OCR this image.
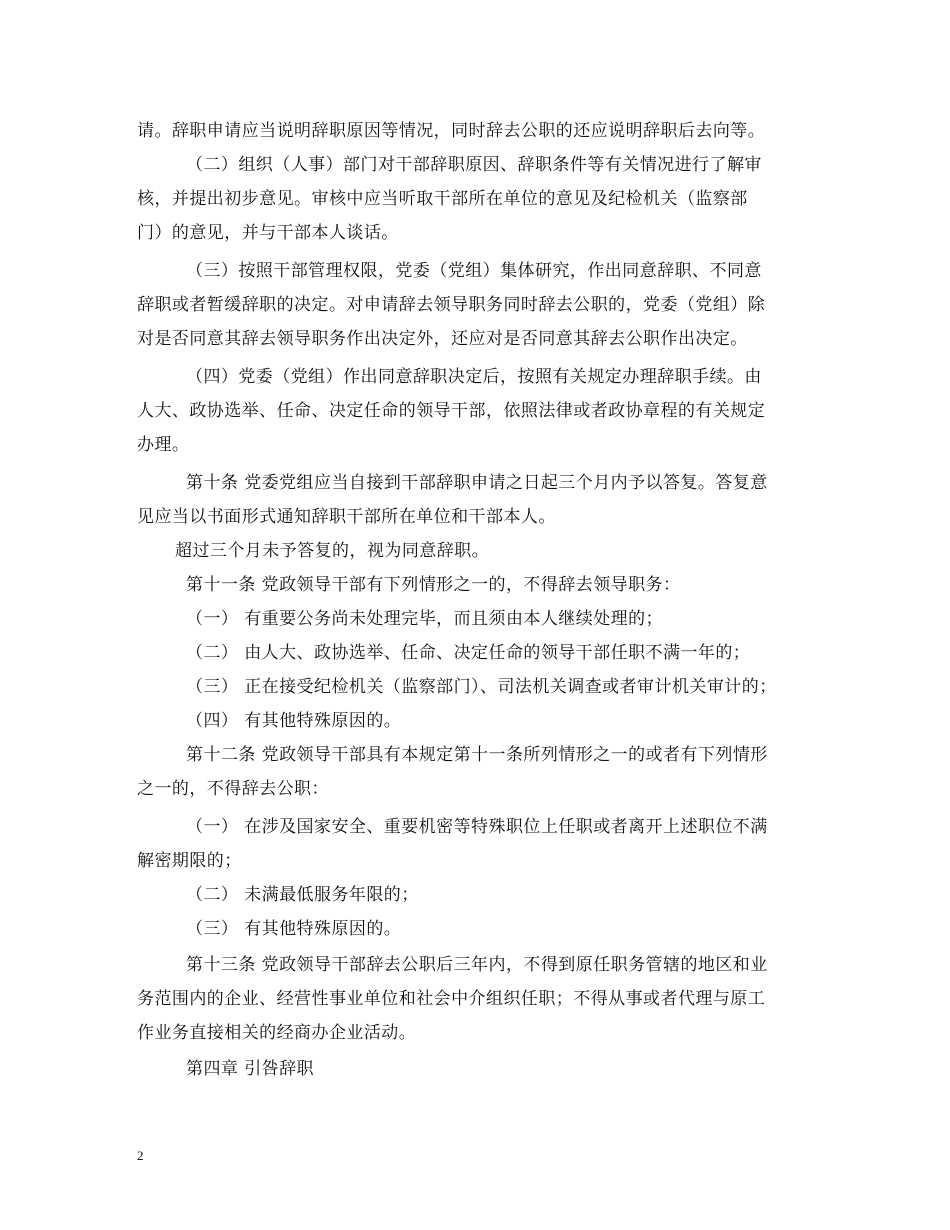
请。辞职申请应当说明辞职原因等情况，同时辞去公职的还应说明辞职后去向等。
（二）组织（人事）部门对干部辞职原因、辞职条件等有关情况进行了解审
核，并提出初步意见。审核中应当听取干部所在单位的意见及纪检机关（监察部
门）的意见，并与干部本人谈话。
（三）按照干部管理权限，党委（党组）集体研究，作出同意辞职、不同意
辞职或者暂缓辞职的决定。对申请辞去领导职务同时辞去公职的，党委（党组）除
对是否同意其辞去领导职务作出决定外，还应对是否同意其辞去公职作出决定。
（四）党委（党组）作出同意辞职决定后，按照有关规定办理辞职手续。由
人大、政协选举、任命、决定任命的领导干部，依照法律或者政协章程的有关规定
办理。
第十条 党委党组应当自接到干部辞职申请之日起三个月内予以答复。答复意
见应当以书面形式通知辞职干部所在单位和干部本人。
超过三个月未予答复的，视为同意辞职。
第十一条 党政领导干部有下列情形之一的，不得辞去领导职务：
（一） 有重要公务尚未处理完毕，而且须由本人继续处理的；
（二） 由人大、政协选举、任命、决定任命的领导干部任职不满一年的；
（三） 正在接受纪检机关（监察部门）、司法机关调查或者审计机关审计的；
（四） 有其他特殊原因的。
第十二条 党政领导干部具有本规定第十一条所列情形之一的或者有下列情形
之一的，不得辞去公职：
（一） 在涉及国家安全、重要机密等特殊职位上任职或者离开上述职位不满
解密期限的；
（二） 未满最低服务年限的；
（三） 有其他特殊原因的。
第十三条 党政领导干部辞去公职后三年内，不得到原任职务管辖的地区和业
务范围内的企业、经营性事业单位和社会中介组织任职；不得从事或者代理与原工
作业务直接相关的经商办企业活动。
第四章 引咎辞职
2
